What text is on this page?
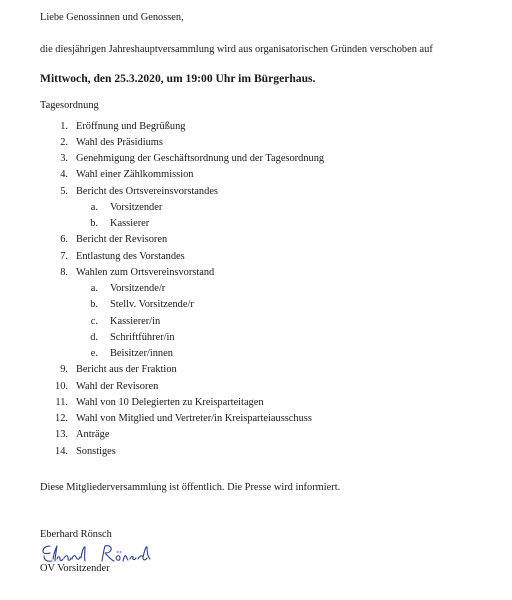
Liebe Genossinnen und Genossen,
die diesjährigen Jahreshauptversammlung wird aus organisatorischen Gründen verschoben auf
Mittwoch, den 25.3.2020, um 19:00 Uhr im Bürgerhaus.
Tagesordnung
1. Eröffnung und Begrüßung
2. Wahl des Präsidiums
3. Genehmigung der Geschäftsordnung und der Tagesordnung
4. Wahl einer Zählkommission
5. Bericht des Ortsvereinsvorstandes
a. Vorsitzender
b. Kassierer
6. Bericht der Revisoren
7. Entlastung des Vorstandes
8. Wahlen zum Ortsvereinsvorstand
a. Vorsitzende/r
b. Stellv. Vorsitzende/r
c. Kassierer/in
d. Schriftführer/in
e. Beisitzer/innen
9. Bericht aus der Fraktion
10. Wahl der Revisoren
11. Wahl von 10 Delegierten zu Kreisparteitagen
12. Wahl von Mitglied und Vertreter/in Kreisparteiausschuss
13. Anträge
14. Sonstiges
Diese Mitgliederversammlung ist öffentlich. Die Presse wird informiert.
Eberhard Rönsch
OV Vorsitzender
